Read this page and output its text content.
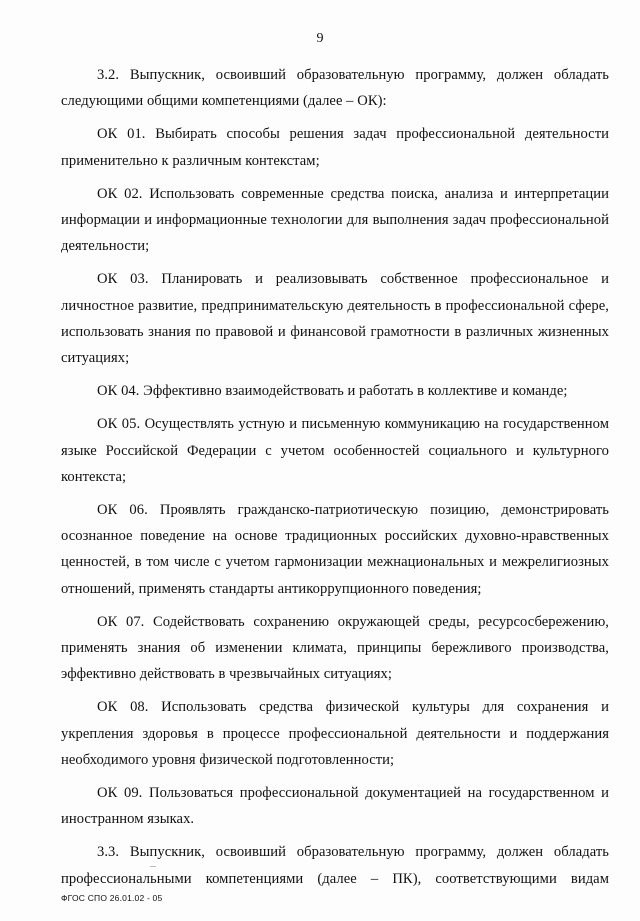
9

3.2. Выпускник, освоивший образовательную программу, должен обладать следующими общими компетенциями (далее – ОК):

ОК 01. Выбирать способы решения задач профессиональной деятельности применительно к различным контекстам;

ОК 02. Использовать современные средства поиска, анализа и интерпретации информации и информационные технологии для выполнения задач профессиональной деятельности;

ОК 03. Планировать и реализовывать собственное профессиональное и личностное развитие, предпринимательскую деятельность в профессиональной сфере, использовать знания по правовой и финансовой грамотности в различных жизненных ситуациях;

ОК 04. Эффективно взаимодействовать и работать в коллективе и команде;

ОК 05. Осуществлять устную и письменную коммуникацию на государственном языке Российской Федерации с учетом особенностей социального и культурного контекста;

ОК 06. Проявлять гражданско-патриотическую позицию, демонстрировать осознанное поведение на основе традиционных российских духовно-нравственных ценностей, в том числе с учетом гармонизации межнациональных и межрелигиозных отношений, применять стандарты антикоррупционного поведения;

ОК 07. Содействовать сохранению окружающей среды, ресурсосбережению, применять знания об изменении климата, принципы бережливого производства, эффективно действовать в чрезвычайных ситуациях;

ОК 08. Использовать средства физической культуры для сохранения и укрепления здоровья в процессе профессиональной деятельности и поддержания необходимого уровня физической подготовленности;

ОК 09. Пользоваться профессиональной документацией на государственном и иностранном языках.

3.3. Выпускник, освоивший образовательную программу, должен обладать профессиональными компетенциями (далее – ПК), соответствующими видам

ФГОС СПО 26.01.02 - 05
